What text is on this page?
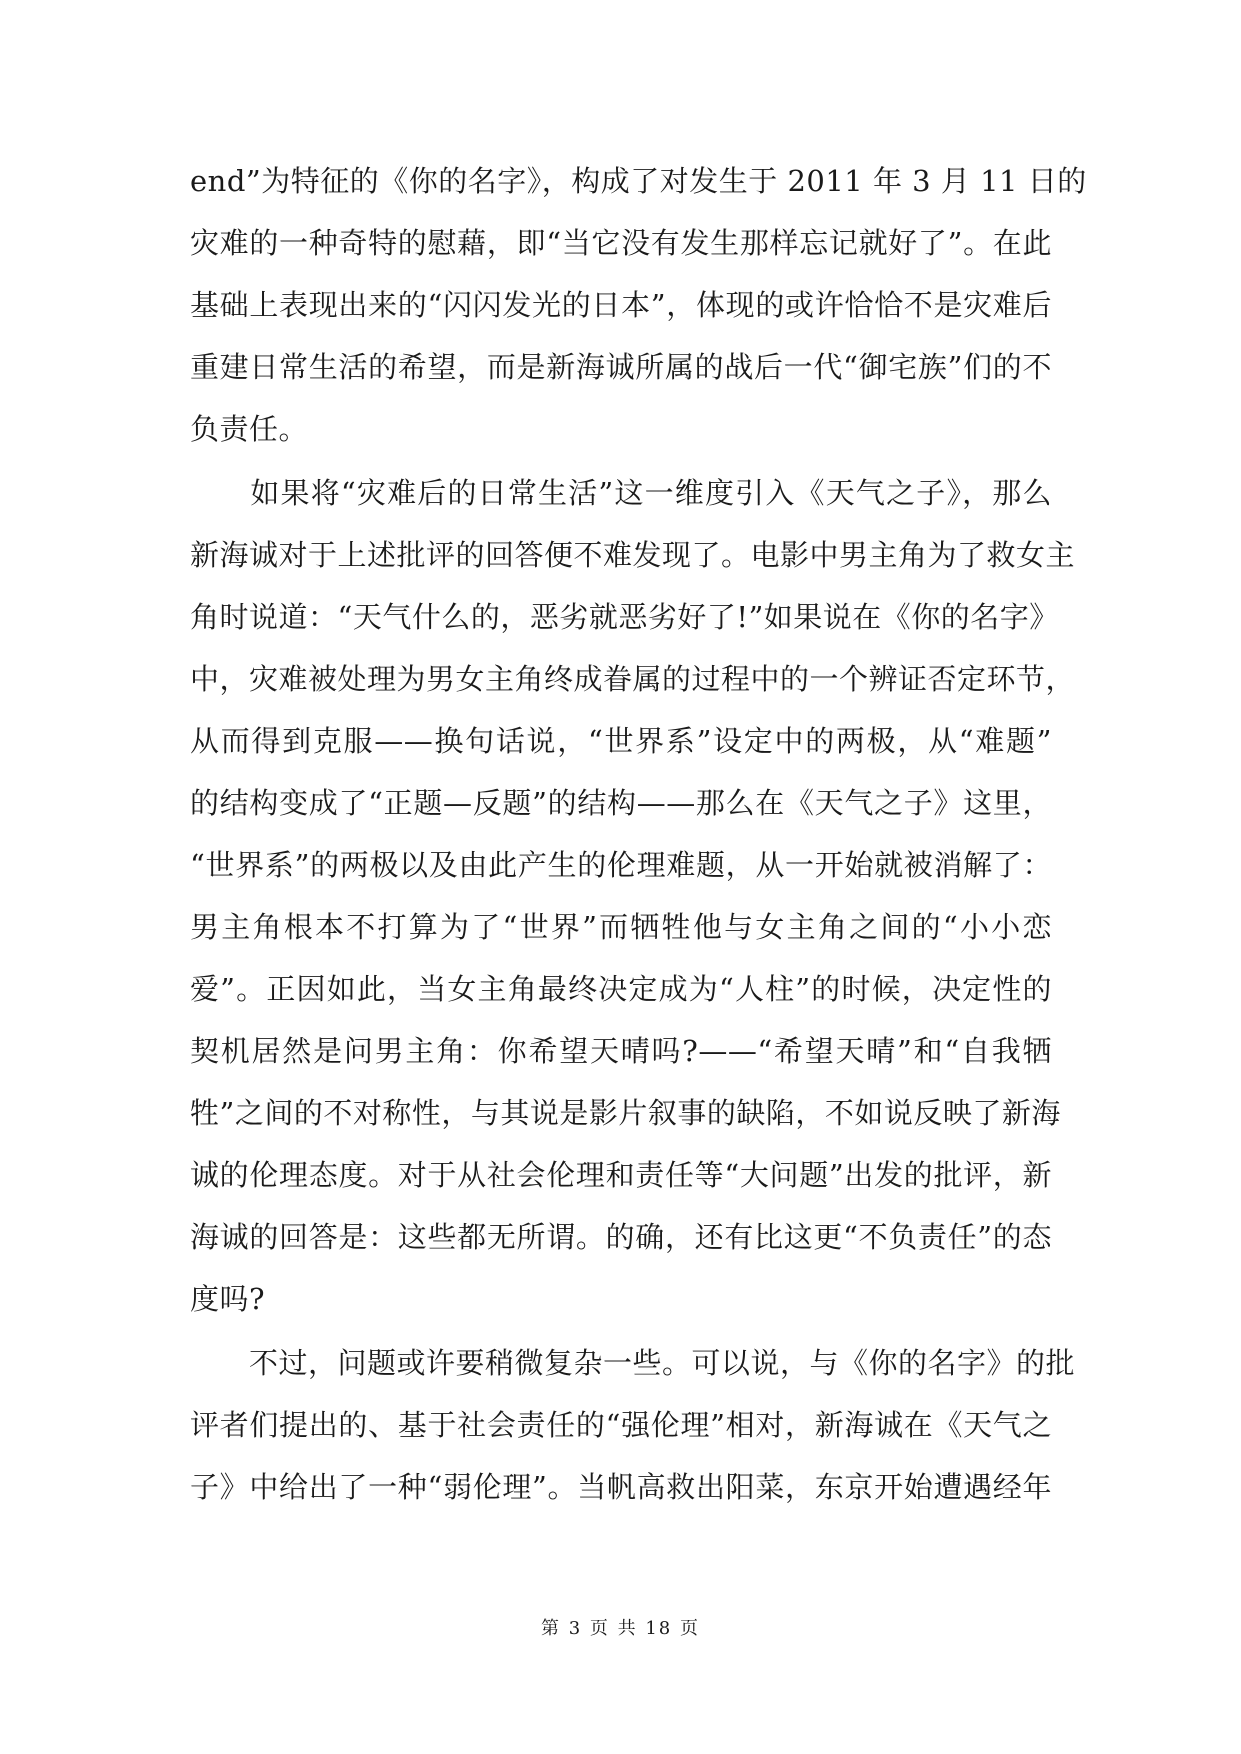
end”为特征的《你的名字》，构成了对发生于 2011 年 3 月 11 日的
灾难的一种奇特的慰藉，即“当它没有发生那样忘记就好了”。在此
基础上表现出来的“闪闪发光的日本”，体现的或许恰恰不是灾难后
重建日常生活的希望，而是新海诚所属的战后一代“御宅族”们的不
负责任。
　　如果将“灾难后的日常生活”这一维度引入《天气之子》，那么
新海诚对于上述批评的回答便不难发现了。电影中男主角为了救女主
角时说道：“天气什么的，恶劣就恶劣好了!”如果说在《你的名字》
中，灾难被处理为男女主角终成眷属的过程中的一个辨证否定环节，
从而得到克服——换句话说，“世界系”设定中的两极，从“难题”
的结构变成了“正题—反题”的结构——那么在《天气之子》这里，
“世界系”的两极以及由此产生的伦理难题，从一开始就被消解了：
男主角根本不打算为了“世界”而牺牲他与女主角之间的“小小恋
爱”。正因如此，当女主角最终决定成为“人柱”的时候，决定性的
契机居然是问男主角：你希望天晴吗?——“希望天晴”和“自我牺
牲”之间的不对称性，与其说是影片叙事的缺陷，不如说反映了新海
诚的伦理态度。对于从社会伦理和责任等“大问题”出发的批评，新
海诚的回答是：这些都无所谓。的确，还有比这更“不负责任”的态
度吗?
　　不过，问题或许要稍微复杂一些。可以说，与《你的名字》的批
评者们提出的、基于社会责任的“强伦理”相对，新海诚在《天气之
子》中给出了一种“弱伦理”。当帆高救出阳菜，东京开始遭遇经年
第 3 页 共 18 页
